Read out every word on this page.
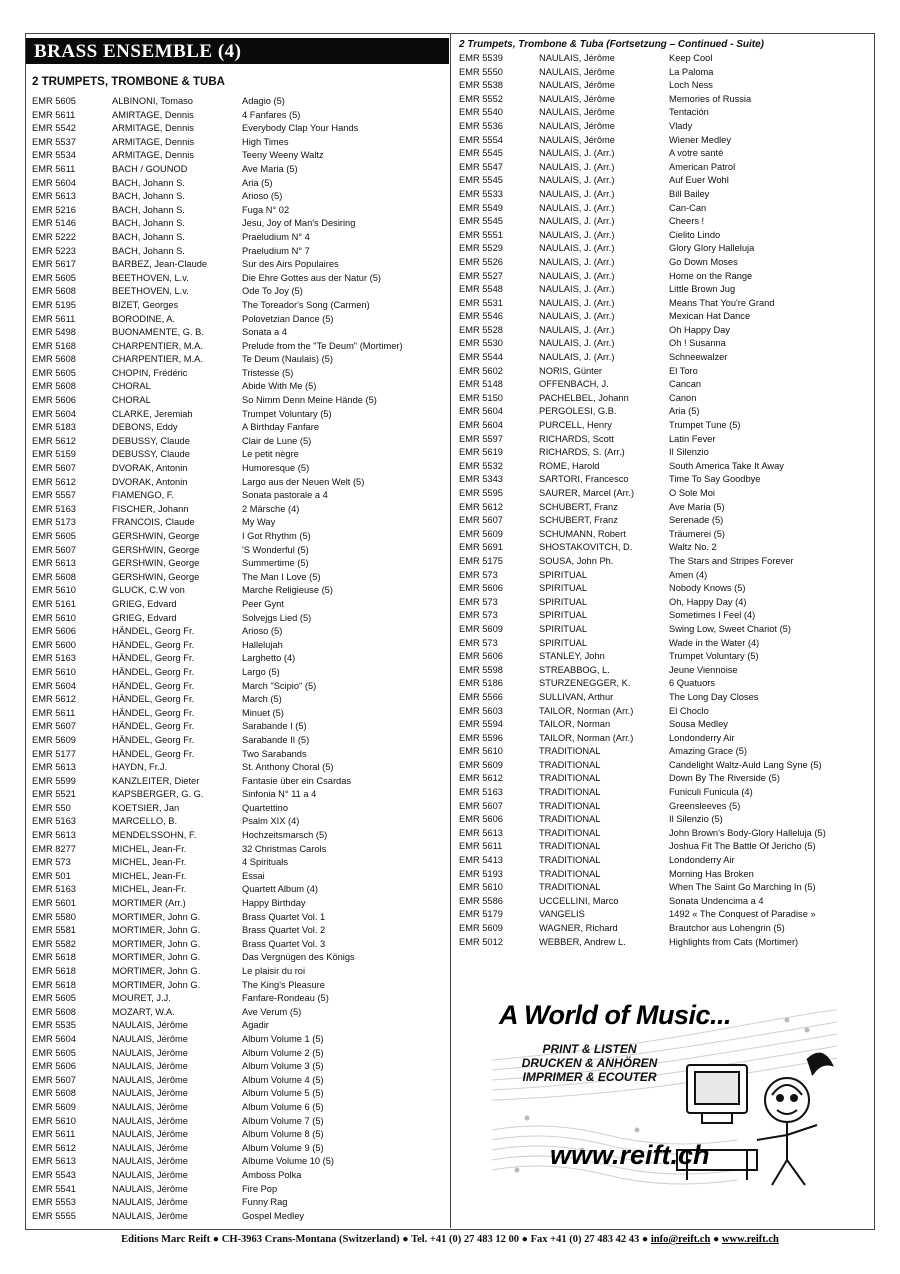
BRASS ENSEMBLE (4)
2 TRUMPETS, TROMBONE & TUBA
2 Trumpets, Trombone & Tuba (Fortsetzung – Continued - Suite)
EMR 5605	ALBINONI, Tomaso	Adagio (5)
EMR 5611	AMIRTAGE, Dennis	4 Fanfares (5)
EMR 5542	ARMITAGE, Dennis	Everybody Clap Your Hands
EMR 5537	ARMITAGE, Dennis	High Times
EMR 5534	ARMITAGE, Dennis	Teeny Weeny Waltz
EMR 5611	BACH / GOUNOD	Ave Maria (5)
EMR 5604	BACH, Johann S.	Aria (5)
EMR 5613	BACH, Johann S.	Arioso (5)
EMR 5216	BACH, Johann S.	Fuga N° 02
EMR 5146	BACH, Johann S.	Jesu, Joy of Man's Desiring
EMR 5222	BACH, Johann S.	Praeludium N° 4
EMR 5223	BACH, Johann S.	Praeludium N° 7
EMR 5617	BARBEZ, Jean-Claude	Sur des Airs Populaires
EMR 5605	BEETHOVEN, L.v.	Die Ehre Gottes aus der Natur (5)
EMR 5608	BEETHOVEN, L.v.	Ode To Joy (5)
EMR 5195	BIZET, Georges	The Toreador's Song (Carmen)
EMR 5611	BORODINE, A.	Polovetzian Dance (5)
EMR 5498	BUONAMENTE, G. B.	Sonata a 4
EMR 5168	CHARPENTIER, M.A.	Prelude from the "Te Deum" (Mortimer)
EMR 5608	CHARPENTIER, M.A.	Te Deum (Naulais) (5)
EMR 5605	CHOPIN, Frédéric	Tristesse (5)
EMR 5608	CHORAL	Abide With Me (5)
EMR 5606	CHORAL	So Nimm Denn Meine Hände (5)
EMR 5604	CLARKE, Jeremiah	Trumpet Voluntary (5)
EMR 5183	DEBONS, Eddy	A Birthday Fanfare
EMR 5612	DEBUSSY, Claude	Clair de Lune (5)
EMR 5159	DEBUSSY, Claude	Le petit nègre
EMR 5607	DVORAK, Antonin	Humoresque (5)
EMR 5612	DVORAK, Antonin	Largo aus der Neuen Welt (5)
EMR 5557	FIAMENGO, F.	Sonata pastorale a 4
EMR 5163	FISCHER, Johann	2 Märsche (4)
EMR 5173	FRANCOIS, Claude	My Way
EMR 5605	GERSHWIN, George	I Got Rhythm (5)
EMR 5607	GERSHWIN, George	'S Wonderful (5)
EMR 5613	GERSHWIN, George	Summertime (5)
EMR 5608	GERSHWIN, George	The Man I Love (5)
EMR 5610	GLUCK, C.W von	Marche Religieuse (5)
EMR 5161	GRIEG, Edvard	Peer Gynt
EMR 5610	GRIEG, Edvard	Solvejgs Lied (5)
EMR 5606	HÄNDEL, Georg Fr.	Arioso (5)
EMR 5600	HÄNDEL, Georg Fr.	Hallelujah
EMR 5163	HÄNDEL, Georg Fr.	Larghetto (4)
EMR 5610	HÄNDEL, Georg Fr.	Largo (5)
EMR 5604	HÄNDEL, Georg Fr.	March "Scipio" (5)
EMR 5612	HÄNDEL, Georg Fr.	March (5)
EMR 5611	HÄNDEL, Georg Fr.	Minuet (5)
EMR 5607	HÄNDEL, Georg Fr.	Sarabande I (5)
EMR 5609	HÄNDEL, Georg Fr.	Sarabande II (5)
EMR 5177	HÄNDEL, Georg Fr.	Two Sarabands
EMR 5613	HAYDN, Fr.J.	St. Anthony Choral (5)
EMR 5599	KANZLEITER, Dieter	Fantasie über ein Csardas
EMR 5521	KAPSBERGER, G. G.	Sinfonia N° 11 a 4
EMR 550	KOETSIER, Jan	Quartettino
EMR 5163	MARCELLO, B.	Psalm XIX (4)
EMR 5613	MENDELSSOHN, F.	Hochzeitsmarsch (5)
EMR 8277	MICHEL, Jean-Fr.	32 Christmas Carols
EMR 573	MICHEL, Jean-Fr.	4 Spirituals
EMR 501	MICHEL, Jean-Fr.	Essai
EMR 5163	MICHEL, Jean-Fr.	Quartett Album (4)
EMR 5601	MORTIMER (Arr.)	Happy Birthday
EMR 5580	MORTIMER, John G.	Brass Quartet Vol. 1
EMR 5581	MORTIMER, John G.	Brass Quartet Vol. 2
EMR 5582	MORTIMER, John G.	Brass Quartet Vol. 3
EMR 5618	MORTIMER, John G.	Das Vergnügen des Königs
EMR 5618	MORTIMER, John G.	Le plaisir du roi
EMR 5618	MORTIMER, John G.	The King's Pleasure
EMR 5605	MOURET, J.J.	Fanfare-Rondeau (5)
EMR 5608	MOZART, W.A.	Ave Verum (5)
EMR 5535	NAULAIS, Jérôme	Agadir
EMR 5604	NAULAIS, Jérôme	Album Volume 1 (5)
EMR 5605	NAULAIS, Jérôme	Album Volume 2 (5)
EMR 5606	NAULAIS, Jérôme	Album Volume 3 (5)
EMR 5607	NAULAIS, Jérôme	Album Volume 4 (5)
EMR 5608	NAULAIS, Jérôme	Album Volume 5 (5)
EMR 5609	NAULAIS, Jérôme	Album Volume 6 (5)
EMR 5610	NAULAIS, Jérôme	Album Volume 7 (5)
EMR 5611	NAULAIS, Jérôme	Album Volume 8 (5)
EMR 5612	NAULAIS, Jérôme	Album Volume 9 (5)
EMR 5613	NAULAIS, Jérôme	Albume Volume 10 (5)
EMR 5543	NAULAIS, Jérôme	Amboss Polka
EMR 5541	NAULAIS, Jérôme	Fire Pop
EMR 5553	NAULAIS, Jérôme	Funny Rag
EMR 5555	NAULAIS, Jérôme	Gospel Medley
EMR 5539	NAULAIS, Jérôme	Keep Cool
EMR 5550	NAULAIS, Jérôme	La Paloma
EMR 5538	NAULAIS, Jérôme	Loch Ness
EMR 5552	NAULAIS, Jérôme	Memories of Russia
EMR 5540	NAULAIS, Jérôme	Tentación
EMR 5536	NAULAIS, Jérôme	Vlady
EMR 5554	NAULAIS, Jérôme	Wiener Medley
EMR 5545	NAULAIS, J. (Arr.)	A votre santé
EMR 5547	NAULAIS, J. (Arr.)	American Patrol
EMR 5545	NAULAIS, J. (Arr.)	Auf Euer Wohl
EMR 5533	NAULAIS, J. (Arr.)	Bill Bailey
EMR 5549	NAULAIS, J. (Arr.)	Can-Can
EMR 5545	NAULAIS, J. (Arr.)	Cheers !
EMR 5551	NAULAIS, J. (Arr.)	Cielito Lindo
EMR 5529	NAULAIS, J. (Arr.)	Glory Glory Halleluja
EMR 5526	NAULAIS, J. (Arr.)	Go Down Moses
EMR 5527	NAULAIS, J. (Arr.)	Home on the Range
EMR 5548	NAULAIS, J. (Arr.)	Little Brown Jug
EMR 5531	NAULAIS, J. (Arr.)	Means That You're Grand
EMR 5546	NAULAIS, J. (Arr.)	Mexican Hat Dance
EMR 5528	NAULAIS, J. (Arr.)	Oh Happy Day
EMR 5530	NAULAIS, J. (Arr.)	Oh ! Susanna
EMR 5544	NAULAIS, J. (Arr.)	Schneewalzer
EMR 5602	NORIS, Günter	El Toro
EMR 5148	OFFENBACH, J.	Cancan
EMR 5150	PACHELBEL, Johann	Canon
EMR 5604	PERGOLESI, G.B.	Aria (5)
EMR 5604	PURCELL, Henry	Trumpet Tune (5)
EMR 5597	RICHARDS, Scott	Latin Fever
EMR 5619	RICHARDS, S. (Arr.)	Il Silenzio
EMR 5532	ROME, Harold	South America Take It Away
EMR 5343	SARTORI, Francesco	Time To Say Goodbye
EMR 5595	SAURER, Marcel (Arr.)	O Sole Moi
EMR 5612	SCHUBERT, Franz	Ave Maria (5)
EMR 5607	SCHUBERT, Franz	Serenade (5)
EMR 5609	SCHUMANN, Robert	Träumerei (5)
EMR 5691	SHOSTAKOVITCH, D.	Waltz No. 2
EMR 5175	SOUSA, John Ph.	The Stars and Stripes Forever
EMR 573	SPIRITUAL	Amen (4)
EMR 5606	SPIRITUAL	Nobody Knows (5)
EMR 573	SPIRITUAL	Oh, Happy Day (4)
EMR 573	SPIRITUAL	Sometimes I Feel (4)
EMR 5609	SPIRITUAL	Swing Low, Sweet Chariot (5)
EMR 573	SPIRITUAL	Wade in the Water (4)
EMR 5606	STANLEY, John	Trumpet Voluntary (5)
EMR 5598	STREABBOG, L.	Jeune Viennoise
EMR 5186	STURZENEGGER, K.	6 Quatuors
EMR 5566	SULLIVAN, Arthur	The Long Day Closes
EMR 5603	TAILOR, Norman (Arr.)	El Choclo
EMR 5594	TAILOR, Norman	Sousa Medley
EMR 5596	TAILOR, Norman (Arr.)	Londonderry Air
EMR 5610	TRADITIONAL	Amazing Grace (5)
EMR 5609	TRADITIONAL	Candelight Waltz-Auld Lang Syne (5)
EMR 5612	TRADITIONAL	Down By The Riverside (5)
EMR 5163	TRADITIONAL	Funiculi Funicula (4)
EMR 5607	TRADITIONAL	Greensleeves (5)
EMR 5606	TRADITIONAL	Il Silenzio (5)
EMR 5613	TRADITIONAL	John Brown's Body-Glory Halleluja (5)
EMR 5611	TRADITIONAL	Joshua Fit The Battle Of Jericho (5)
EMR 5413	TRADITIONAL	Londonderry Air
EMR 5193	TRADITIONAL	Morning Has Broken
EMR 5610	TRADITIONAL	When The Saint Go Marching In (5)
EMR 5586	UCCELLINI, Marco	Sonata Undencima a 4
EMR 5179	VANGELIS	1492 « The Conquest of Paradise »
EMR 5609	WAGNER, Richard	Brautchor aus Lohengrin (5)
EMR 5012	WEBBER, Andrew L.	Highlights from Cats (Mortimer)
A World of Music...
PRINT & LISTEN
DRUCKEN & ANHÖREN
IMPRIMER & ECOUTER
www.reift.ch
Editions Marc Reift ● CH-3963 Crans-Montana (Switzerland) ● Tel. +41 (0) 27 483 12 00 ● Fax +41 (0) 27 483 42 43 ● info@reift.ch ● www.reift.ch
